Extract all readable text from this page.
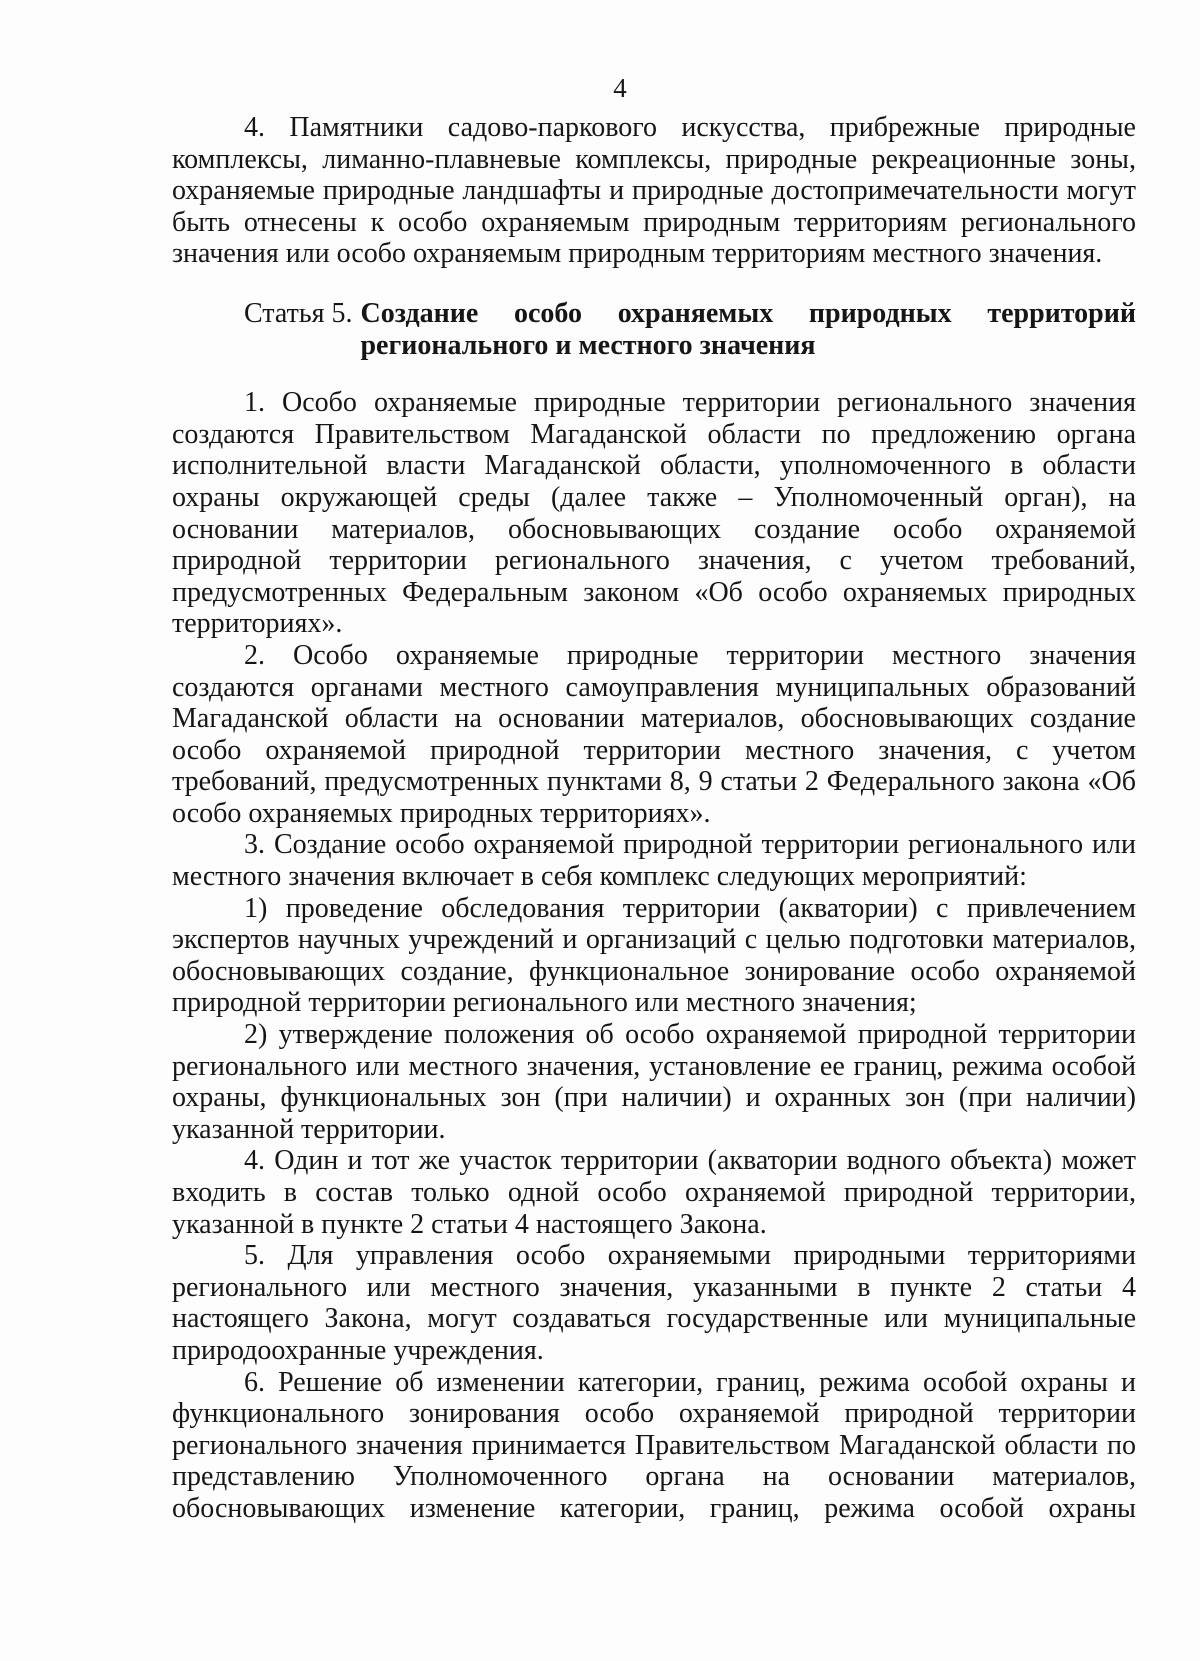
4

4. Памятники садово-паркового искусства, прибрежные природные комплексы, лиманно-плавневые комплексы, природные рекреационные зоны, охраняемые природные ландшафты и природные достопримечательности могут быть отнесены к особо охраняемым природным территориям регионального значения или особо охраняемым природным территориям местного значения.

Статья 5. Создание особо охраняемых природных территорий регионального и местного значения

1. Особо охраняемые природные территории регионального значения создаются Правительством Магаданской области по предложению органа исполнительной власти Магаданской области, уполномоченного в области охраны окружающей среды (далее также – Уполномоченный орган), на основании материалов, обосновывающих создание особо охраняемой природной территории регионального значения, с учетом требований, предусмотренных Федеральным законом «Об особо охраняемых природных территориях».

2. Особо охраняемые природные территории местного значения создаются органами местного самоуправления муниципальных образований Магаданской области на основании материалов, обосновывающих создание особо охраняемой природной территории местного значения, с учетом требований, предусмотренных пунктами 8, 9 статьи 2 Федерального закона «Об особо охраняемых природных территориях».

3. Создание особо охраняемой природной территории регионального или местного значения включает в себя комплекс следующих мероприятий:

1) проведение обследования территории (акватории) с привлечением экспертов научных учреждений и организаций с целью подготовки материалов, обосновывающих создание, функциональное зонирование особо охраняемой природной территории регионального или местного значения;

2) утверждение положения об особо охраняемой природной территории регионального или местного значения, установление ее границ, режима особой охраны, функциональных зон (при наличии) и охранных зон (при наличии) указанной территории.

4. Один и тот же участок территории (акватории водного объекта) может входить в состав только одной особо охраняемой природной территории, указанной в пункте 2 статьи 4 настоящего Закона.

5. Для управления особо охраняемыми природными территориями регионального или местного значения, указанными в пункте 2 статьи 4 настоящего Закона, могут создаваться государственные или муниципальные природоохранные учреждения.

6. Решение об изменении категории, границ, режима особой охраны и функционального зонирования особо охраняемой природной территории регионального значения принимается Правительством Магаданской области по представлению Уполномоченного органа на основании материалов, обосновывающих изменение категории, границ, режима особой охраны
